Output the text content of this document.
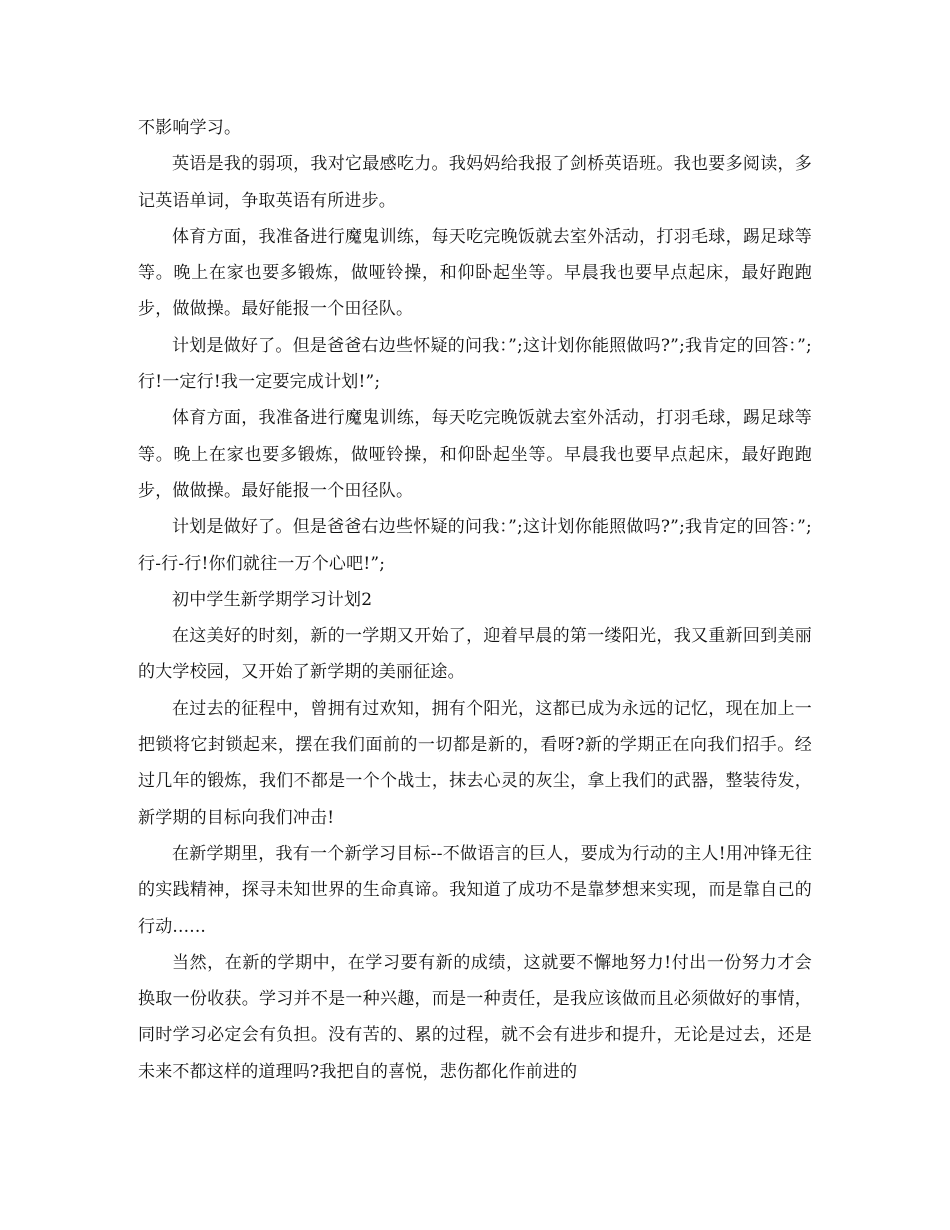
不影响学习。

英语是我的弱项，我对它最感吃力。我妈妈给我报了剑桥英语班。我也要多阅读，多记英语单词，争取英语有所进步。

体育方面，我准备进行魔鬼训练，每天吃完晚饭就去室外活动，打羽毛球，踢足球等等。晚上在家也要多锻炼，做哑铃操，和仰卧起坐等。早晨我也要早点起床，最好跑跑步，做做操。最好能报一个田径队。

计划是做好了。但是爸爸右边些怀疑的问我：”;这计划你能照做吗?”;我肯定的回答：”;行!一定行!我一定要完成计划!”;

体育方面，我准备进行魔鬼训练，每天吃完晚饭就去室外活动，打羽毛球，踢足球等等。晚上在家也要多锻炼，做哑铃操，和仰卧起坐等。早晨我也要早点起床，最好跑跑步，做做操。最好能报一个田径队。

计划是做好了。但是爸爸右边些怀疑的问我：”;这计划你能照做吗?”;我肯定的回答：”;行-行-行!你们就往一万个心吧!”;

初中学生新学期学习计划2

在这美好的时刻，新的一学期又开始了，迎着早晨的第一缕阳光，我又重新回到美丽的大学校园，又开始了新学期的美丽征途。

在过去的征程中，曾拥有过欢知，拥有个阳光，这都已成为永远的记忆，现在加上一把锁将它封锁起来，摆在我们面前的一切都是新的，看呀?新的学期正在向我们招手。经过几年的锻炼，我们不都是一个个战士，抹去心灵的灰尘，拿上我们的武器，整装待发，新学期的目标向我们冲击!

在新学期里，我有一个新学习目标--不做语言的巨人，要成为行动的主人!用冲锋无往的实践精神，探寻未知世界的生命真谛。我知道了成功不是靠梦想来实现，而是靠自己的行动......

当然，在新的学期中，在学习要有新的成绩，这就要不懈地努力!付出一份努力才会换取一份收获。学习并不是一种兴趣，而是一种责任，是我应该做而且必须做好的事情，同时学习必定会有负担。没有苦的、累的过程，就不会有进步和提升，无论是过去，还是未来不都这样的道理吗?我把自的喜悦，悲伤都化作前进的
